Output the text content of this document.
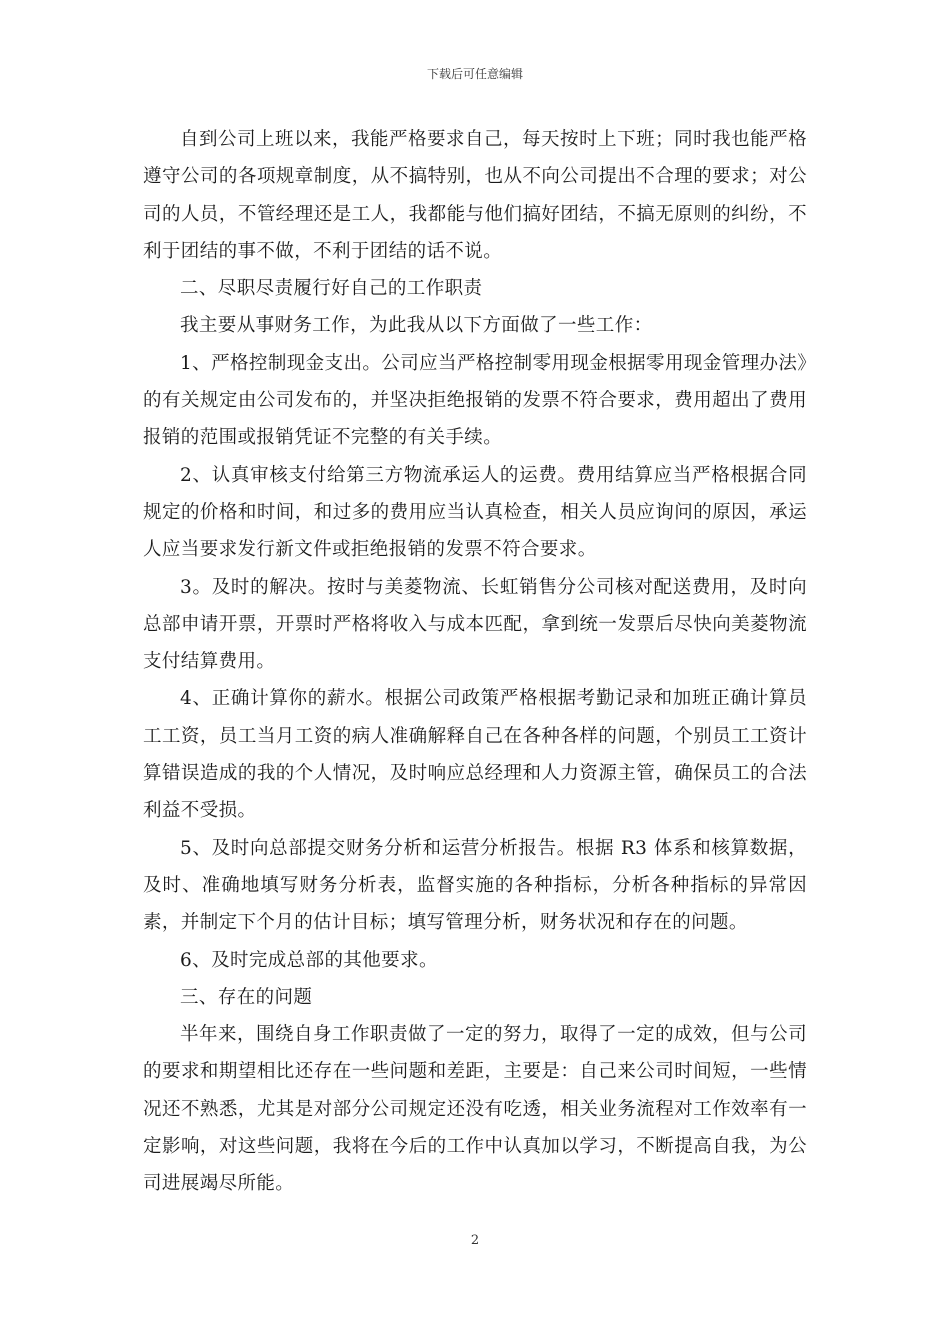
下载后可任意编辑

自到公司上班以来，我能严格要求自己，每天按时上下班；同时我也能严格遵守公司的各项规章制度，从不搞特别，也从不向公司提出不合理的要求；对公司的人员，不管经理还是工人，我都能与他们搞好团结，不搞无原则的纠纷，不利于团结的事不做，不利于团结的话不说。

二、尽职尽责履行好自己的工作职责

我主要从事财务工作，为此我从以下方面做了一些工作：

1、严格控制现金支出。公司应当严格控制零用现金根据零用现金管理办法》的有关规定由公司发布的，并坚决拒绝报销的发票不符合要求，费用超出了费用报销的范围或报销凭证不完整的有关手续。

2、认真审核支付给第三方物流承运人的运费。费用结算应当严格根据合同规定的价格和时间，和过多的费用应当认真检查，相关人员应询问的原因，承运人应当要求发行新文件或拒绝报销的发票不符合要求。

3。及时的解决。按时与美菱物流、长虹销售分公司核对配送费用，及时向总部申请开票，开票时严格将收入与成本匹配，拿到统一发票后尽快向美菱物流支付结算费用。

4、正确计算你的薪水。根据公司政策严格根据考勤记录和加班正确计算员工工资，员工当月工资的病人准确解释自己在各种各样的问题，个别员工工资计算错误造成的我的个人情况，及时响应总经理和人力资源主管，确保员工的合法利益不受损。

5、及时向总部提交财务分析和运营分析报告。根据 R3 体系和核算数据，及时、准确地填写财务分析表，监督实施的各种指标，分析各种指标的异常因素，并制定下个月的估计目标；填写管理分析，财务状况和存在的问题。

6、及时完成总部的其他要求。

三、存在的问题

半年来，围绕自身工作职责做了一定的努力，取得了一定的成效，但与公司的要求和期望相比还存在一些问题和差距，主要是：自己来公司时间短，一些情况还不熟悉，尤其是对部分公司规定还没有吃透，相关业务流程对工作效率有一定影响，对这些问题，我将在今后的工作中认真加以学习，不断提高自我，为公司进展竭尽所能。

2
